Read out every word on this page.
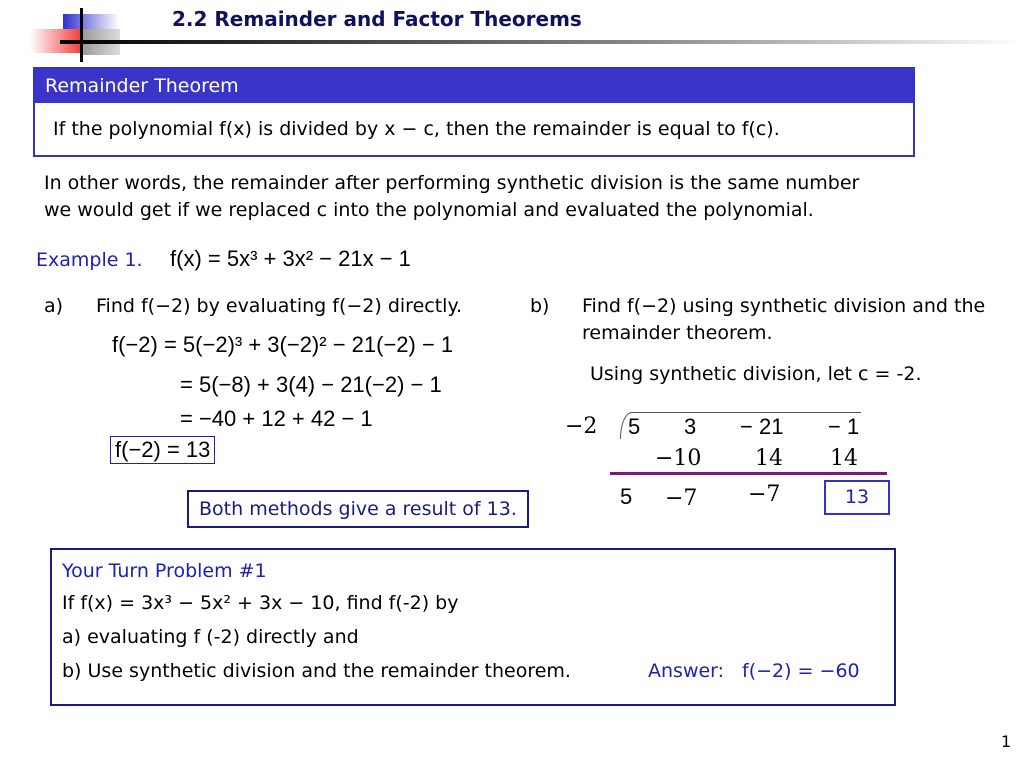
2.2 Remainder and Factor Theorems
Remainder Theorem
If the polynomial f(x) is divided by x − c, then the remainder is equal to f(c).
In other words, the remainder after performing synthetic division is the same number
we would get if we replaced c into the polynomial and evaluated the polynomial.
Example 1. f(x) = 5x³ + 3x² − 21x − 1
a) Find f(−2) by evaluating f(−2) directly.
f(−2) = 5(−2)³ + 3(−2)² − 21(−2) − 1
= 5(−8) + 3(4) − 21(−2) − 1
= −40 + 12 + 42 − 1
f(−2) = 13
b) Find f(−2) using synthetic division and the
remainder theorem.
Using synthetic division, let c = -2.
−2 5 3 − 21 − 1
−10 14 14
5 −7 −7	13
Both methods give a result of 13.
Your Turn Problem #1
If f(x) = 3x³ − 5x² + 3x − 10, find f(-2) by
a) evaluating f (-2) directly and
b) Use synthetic division and the remainder theorem.	Answer: f(−2) = −60
1
